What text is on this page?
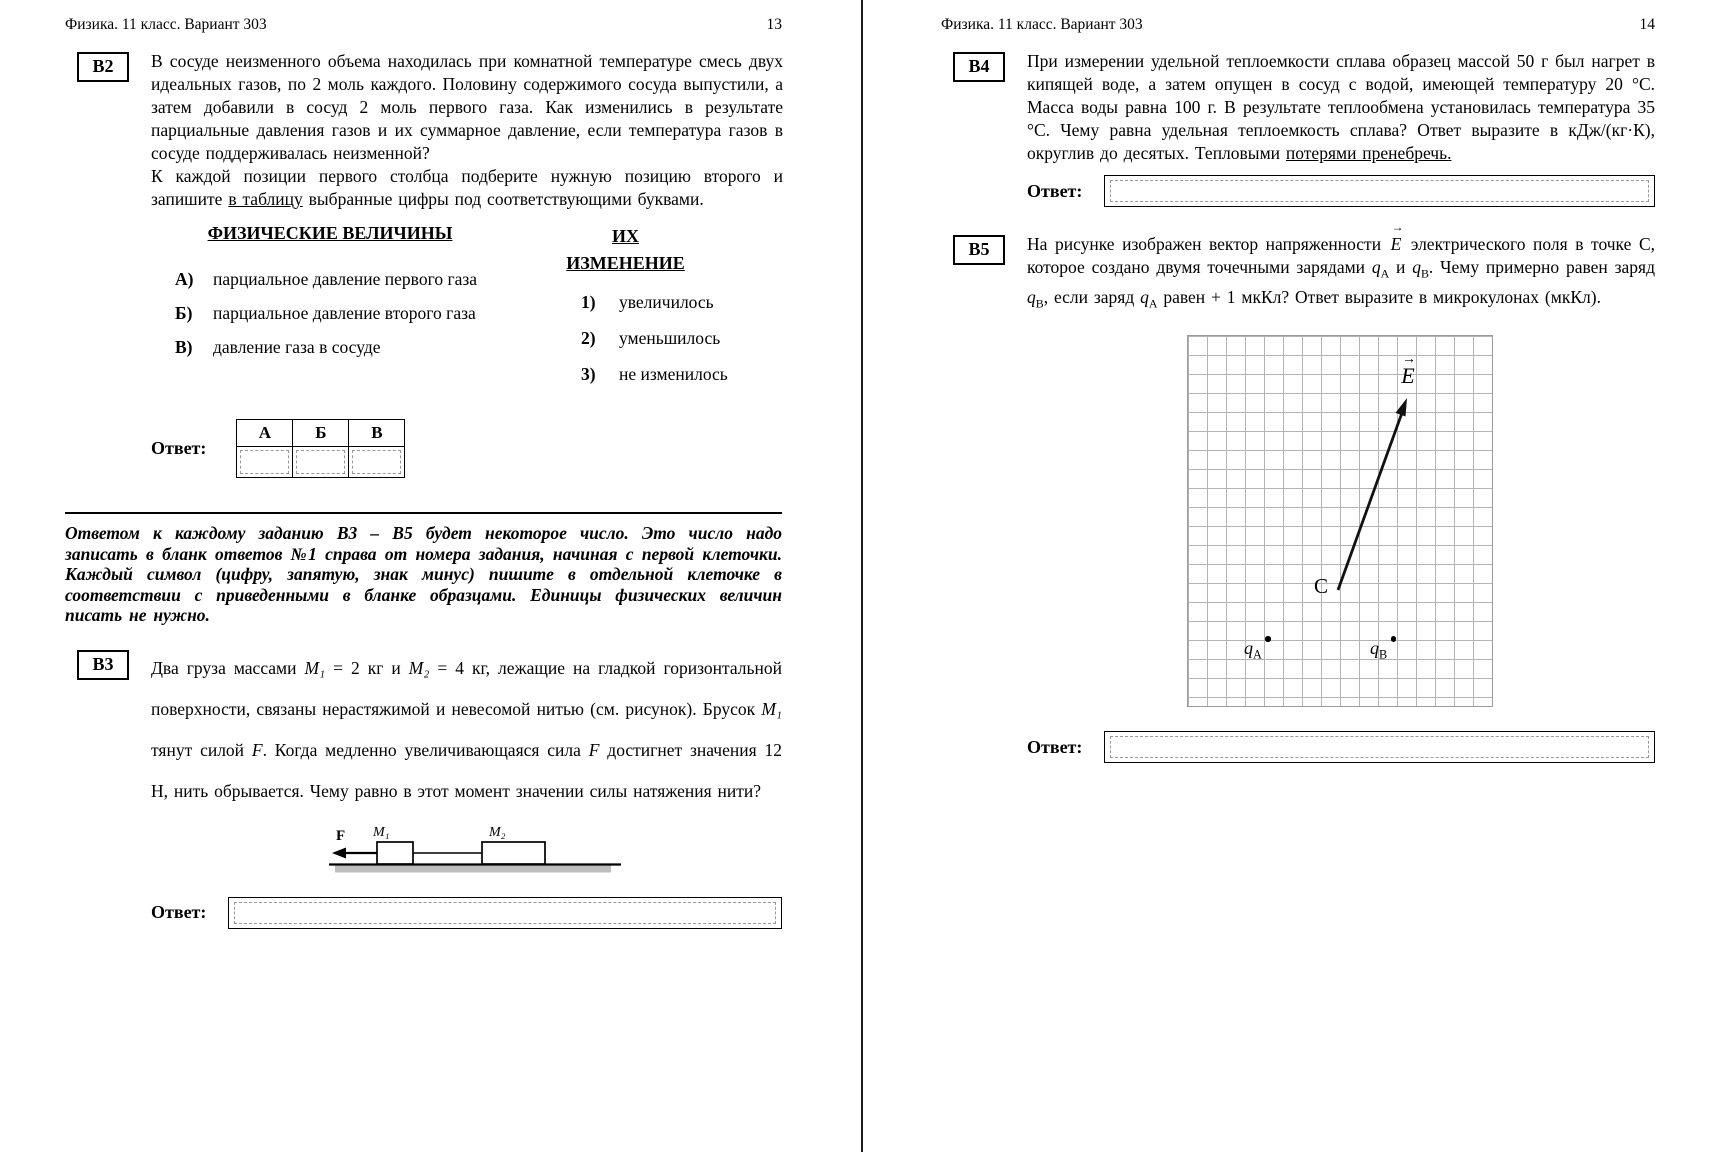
Физика. 11 класс. Вариант 303	13
В2	В сосуде неизменного объема находилась при комнатной температуре смесь двух идеальных газов, по 2 моль каждого. Половину содержимого сосуда выпустили, а затем добавили в сосуд 2 моль первого газа. Как изменились в результате парциальные давления газов и их суммарное давление, если температура газов в сосуде поддерживалась неизменной?

К каждой позиции первого столбца подберите нужную позицию второго и запишите в таблицу выбранные цифры под соответствующими буквами.

ФИЗИЧЕСКИЕ ВЕЛИЧИНЫ
А)	парциальное давление первого газа
Б)	парциальное давление второго газа
В)	давление газа в сосуде
ИХ
ИЗМЕНЕНИЕ
1)	увеличилось
2)	уменьшилось
3)	не изменилось
Ответ:
А	Б	В

Ответом к каждому заданию В3 – В5 будет некоторое число. Это число надо записать в бланк ответов №1 справа от номера задания, начиная с первой клеточки. Каждый символ (цифру, запятую, знак минус) пишите в отдельной клеточке в соответствии с приведенными в бланке образцами. Единицы физических величин писать не нужно.
В3	Два груза массами M₁ = 2 кг и M₂ = 4 кг, лежащие на гладкой горизонтальной поверхности, связаны нерастяжимой и невесомой нитью (см. рисунок). Брусок M₁ тянут силой F. Когда медленно увеличивающаяся сила F достигнет значения 12 Н, нить обрывается. Чему равно в этот момент значении силы натяжения нити?

F M₁	M₂
Ответ:
Физика. 11 класс. Вариант 303	14
В4	При измерении удельной теплоемкости сплава образец массой 50 г был нагрет в кипящей воде, а затем опущен в сосуд с водой, имеющей температуру 20 °С. Масса воды равна 100 г. В результате теплообмена установилась температура 35 °С. Чему равна удельная теплоемкость сплава? Ответ выразите в кДж/(кг·К), округлив до десятых. Тепловыми потерями пренебречь.

Ответ:
В5	На рисунке изображен вектор напряженности
→
E электрического поля в точке C, которое создано двумя точечными зарядами $q_A$ и $q_B$. Чему примерно равен заряд $q_B$, если заряд $q_A$ равен + 1 мкКл? Ответ выразите в микрокулонах (мкКл).

→
E
C
$q_A$	$q_B$
Ответ:
